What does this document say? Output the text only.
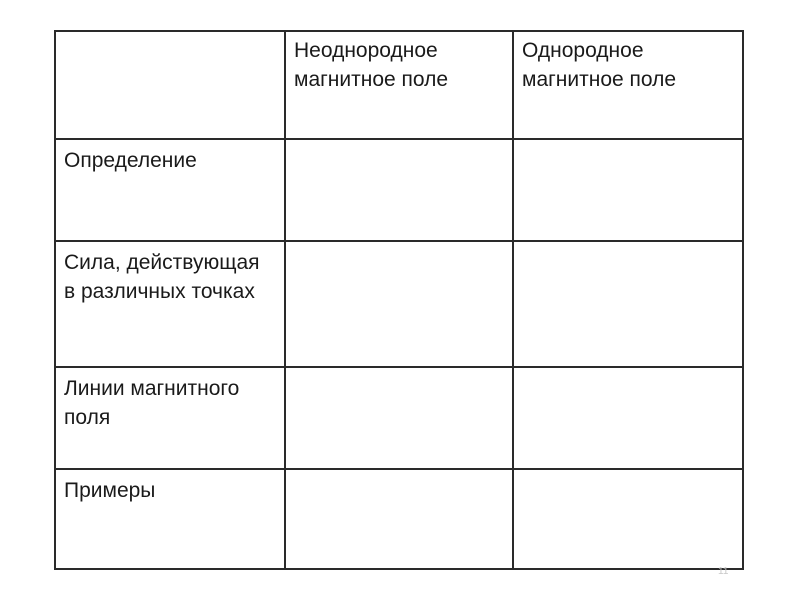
	Неоднородное магнитное поле	Однородное магнитное поле
Определение		
Сила, действующая в различных точках		
Линии магнитного поля		
Примеры		
11
